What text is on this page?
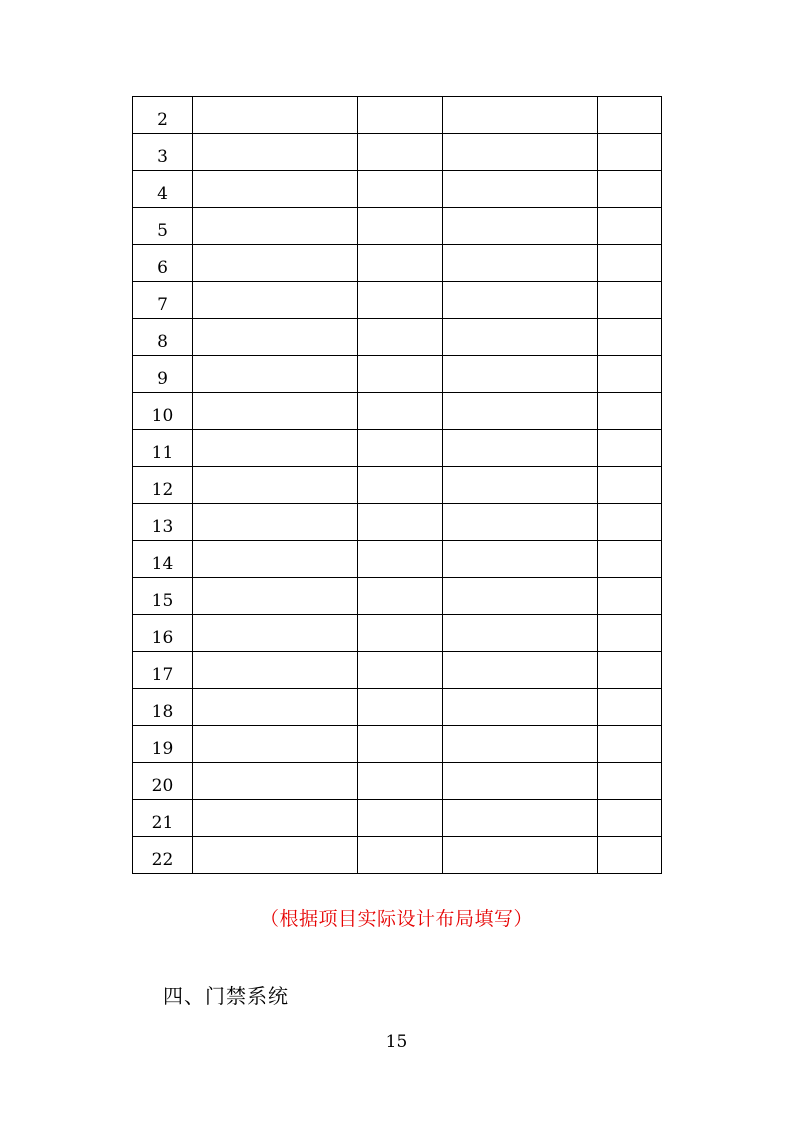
2				
3				
4				
5				
6				
7				
8				
9				
10				
11				
12				
13				
14				
15				
16				
17				
18				
19				
20				
21				
22				
（根据项目实际设计布局填写）
四、门禁系统
15
